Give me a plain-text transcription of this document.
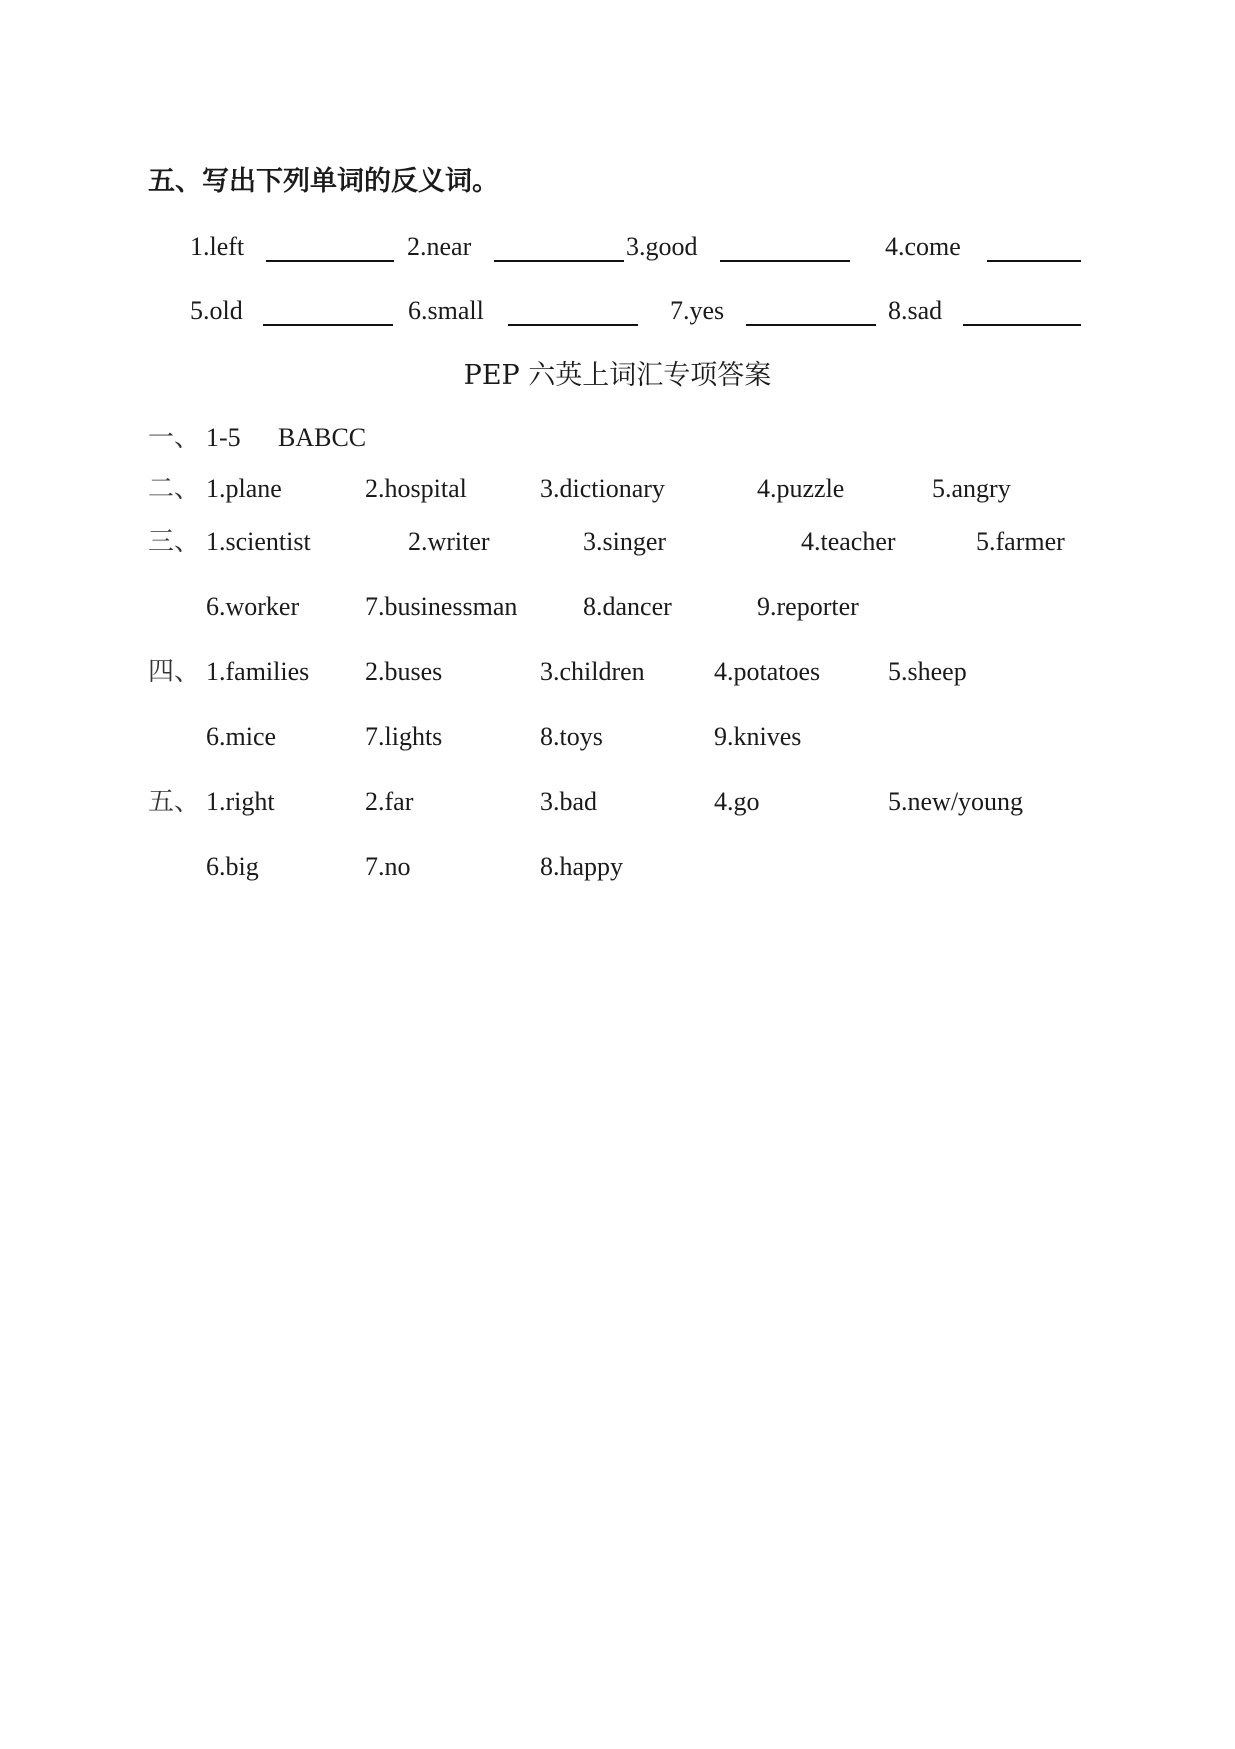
五、写出下列单词的反义词。
1.left	2.near	3.good	4.come
5.old	6.small	7.yes	8.sad
PEP 六英上词汇专项答案
一、 1-5 BABCC
二、 1.plane	2.hospital	3.dictionary	4.puzzle	5.angry
三、 1.scientist	2.writer	3.singer	4.teacher	5.farmer
6.worker	7.businessman	8.dancer	9.reporter
四、 1.families 2.buses	3.children	4.potatoes	5.sheep
6.mice	7.lights	8.toys	9.knives
五、 1.right	2.far	3.bad	4.go	5.new/young
6.big	7.no	8.happy
